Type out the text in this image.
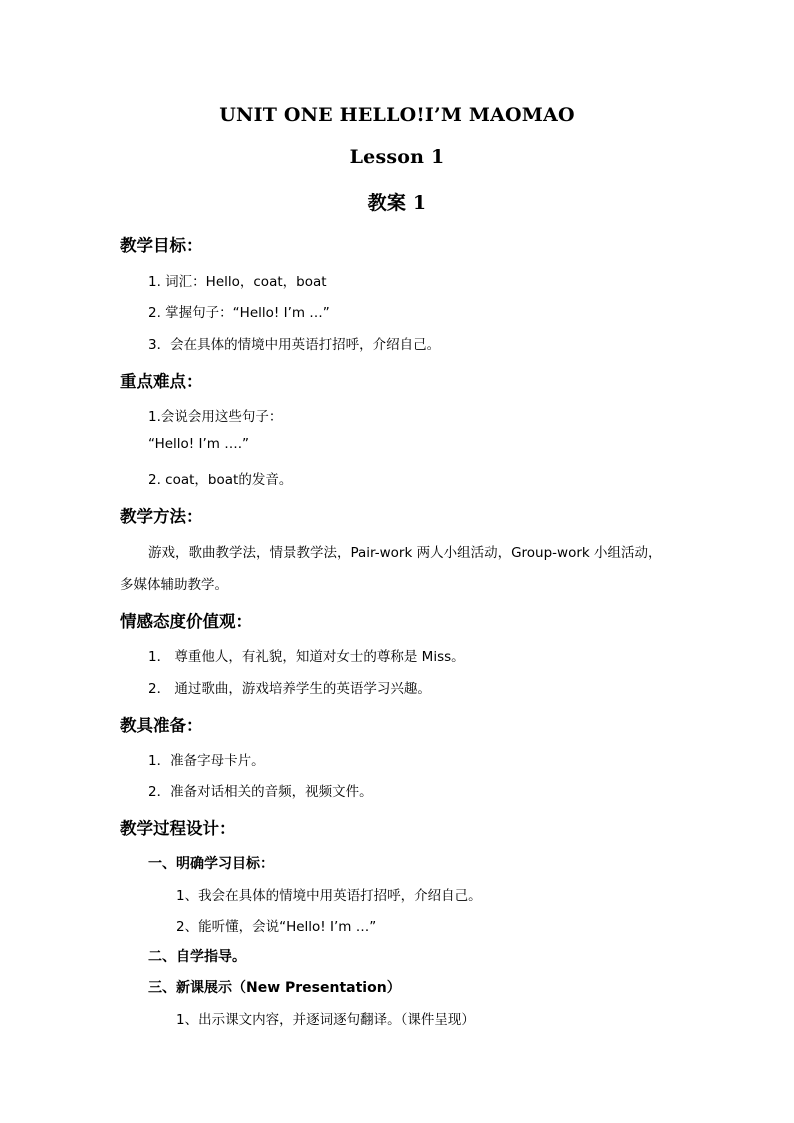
UNIT ONE HELLO!I’M MAOMAO
Lesson 1
教案 1
教学目标：
1. 词汇：Hello，coat，boat
2. 掌握句子：“Hello! I’m …”
3．会在具体的情境中用英语打招呼，介绍自己。
重点难点：
1.会说会用这些句子：
“Hello! I’m ….”
2. coat，boat的发音。
教学方法：
游戏，歌曲教学法，情景教学法，Pair-work 两人小组活动，Group-work 小组活动，
多媒体辅助教学。
情感态度价值观：
1． 尊重他人，有礼貌，知道对女士的尊称是 Miss。
2． 通过歌曲，游戏培养学生的英语学习兴趣。
教具准备：
1．准备字母卡片。
2．准备对话相关的音频，视频文件。
教学过程设计：
一、明确学习目标：
1、我会在具体的情境中用英语打招呼，介绍自己。
2、能听懂，会说“Hello! I’m …”
二、自学指导。
三、新课展示（New Presentation）
1、出示课文内容，并逐词逐句翻译。（课件呈现）
